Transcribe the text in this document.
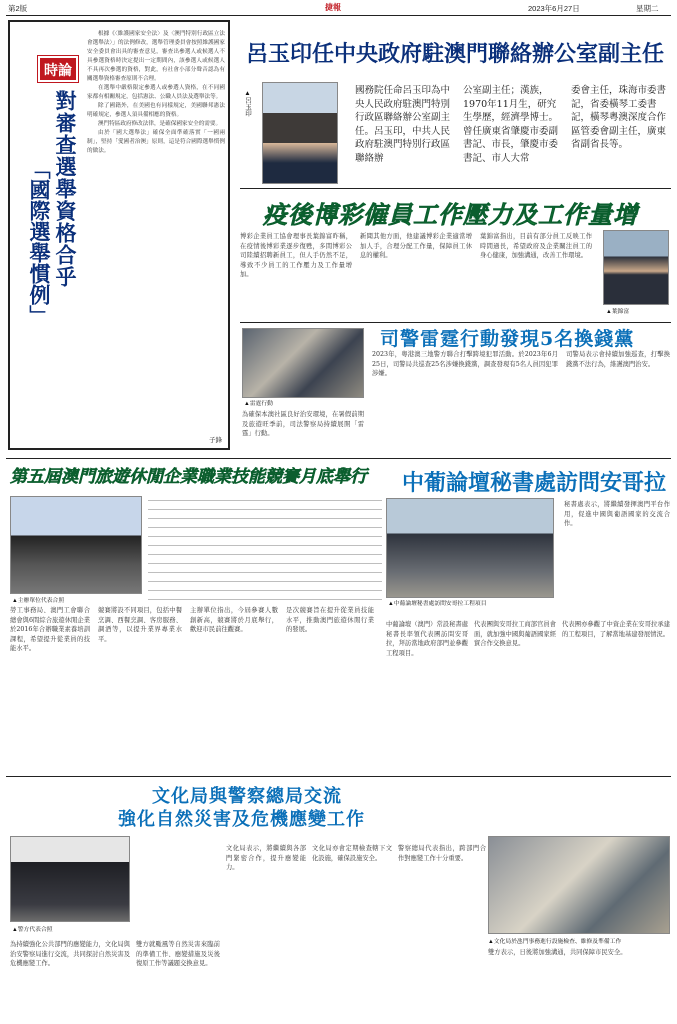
第2版	捷報	2023年6月27日	星期二
時論
對審查選舉資格合乎
「國際選舉慣例」

根據《〈維護國家安全法〉及〈澳門特別行政區立法會選舉法〉」的法例修改，選舉管理委員會按照維護國家安全委員會出具的審查意見，審查出參選人或候選人不具參選資格時決定提出一定期間內，該參選人或候選人不具再次參選的資格，對此，有社會小部分聲音認為有關選舉資格審查原則不合理。

在選舉中嚴格限定參選人或參選人資格，在不同國家都有相關規定，包括憲法、公職人員法及選舉法等。

除了國籍外，在美國也有同樣規定，美國聯邦憲法明確規定，參選人須具備相應的資格。

澳門特區政府修改法律，是確保國家安全的需要。

由於「國大選舉法」確保全面準確落實「一國兩制」，堅持「愛國者治澳」原則，這是符合國際選舉慣例的做法。

子鋒
呂玉印任中央政府駐澳門聯絡辦公室副主任
▲呂玉印	國務院任命呂玉印為中央人民政府駐澳門特別行政區聯絡辦公室副主任。呂玉印，中共人民政府駐澳門特別行政區聯絡辦
公室副主任；漢族，1970年11月生，研究生學歷，經濟學博士。曾任廣東省肇慶市委副書記、市長，肇慶市委書記、市人大常
委會主任，珠海市委書記，省委橫琴工委書記，橫琴粵澳深度合作區管委會副主任，廣東省副省長等。
疫後博彩僱員工作壓力及工作量增

博彩企業員工協會理事長葉錦富昨稱，在疫情後博彩業逐步復甦，多間博彩公司陸續招聘新員工，但人手仍然不足，導致不少員工的工作壓力及工作量增加。

新聞其他方面，他建議博彩企業適當增加人手，合理分配工作量，保障員工休息的權利。

葉錦富指出，目前有部分員工反映工作時間過長，希望政府及企業關注員工的身心健康，加強溝通，改善工作環境。

▲葉錦富
▲雷霆行動
司警雷霆行動發現5名換錢黨

為確保本澳社區良好治安環境，在暑假前期及旅遊旺季前，司法警察局持續展開「雷霆」行動。

2023年，粵港澳三地警方聯合打擊跨境犯罪活動。於2023年6月25日，司警局共巡查25名涉嫌換錢黨，調查發現有5名人員因犯罪涉嫌。

司警局表示會持續加強巡查，打擊換錢黨不法行為，維護澳門治安。

第五屆澳門旅遊休閒企業職業技能競賽月底舉行
▲主辦單位代表合照

勞工事務局、澳門工會聯合總會與6間綜合旅遊休閒企業於2016年合辦職業素養培訓課程，希望提升從業員的技能水平。

競賽將設不同項目，包括中餐烹調、西餐烹調、客房服務、調酒等，以提升業界專業水平。

主辦單位指出，今屆參賽人數創新高，競賽將於月底舉行，歡迎市民前往觀賽。

是次競賽旨在提升從業員技能水平，推動澳門旅遊休閒行業的發展。

中葡論壇秘書處訪問安哥拉
▲中葡論壇秘書處訪問安哥拉工程項目

中葡論壇（澳門）常設秘書處秘書長率領代表團訪問安哥拉，拜訪當地政府部門並參觀工程項目。

代表團與安哥拉工商部官員會面，就加強中國與葡語國家經貿合作交換意見。

代表團亦參觀了中資企業在安哥拉承建的工程項目，了解當地基建發展情況。

秘書處表示，將繼續發揮澳門平台作用，促進中國與葡語國家的交流合作。

文化局與警察總局交流
強化自然災害及危機應變工作
▲警方代表合照
▲文化局於氹門事務進行設施檢查、維修及準備工作

為持續強化公共部門的應變能力，文化局與治安警察局進行交流，共同探討自然災害及危機應變工作。

雙方就颱風等自然災害來臨前的準備工作、應變措施及災後復原工作等議題交換意見。

文化局表示，將繼續與各部門緊密合作，提升應變能力。

文化局亦會定期檢查轄下文化設施，確保設施安全。

警察總局代表指出，跨部門合作對應變工作十分重要。

雙方表示，日後將加強溝通，共同保障市民安全。
